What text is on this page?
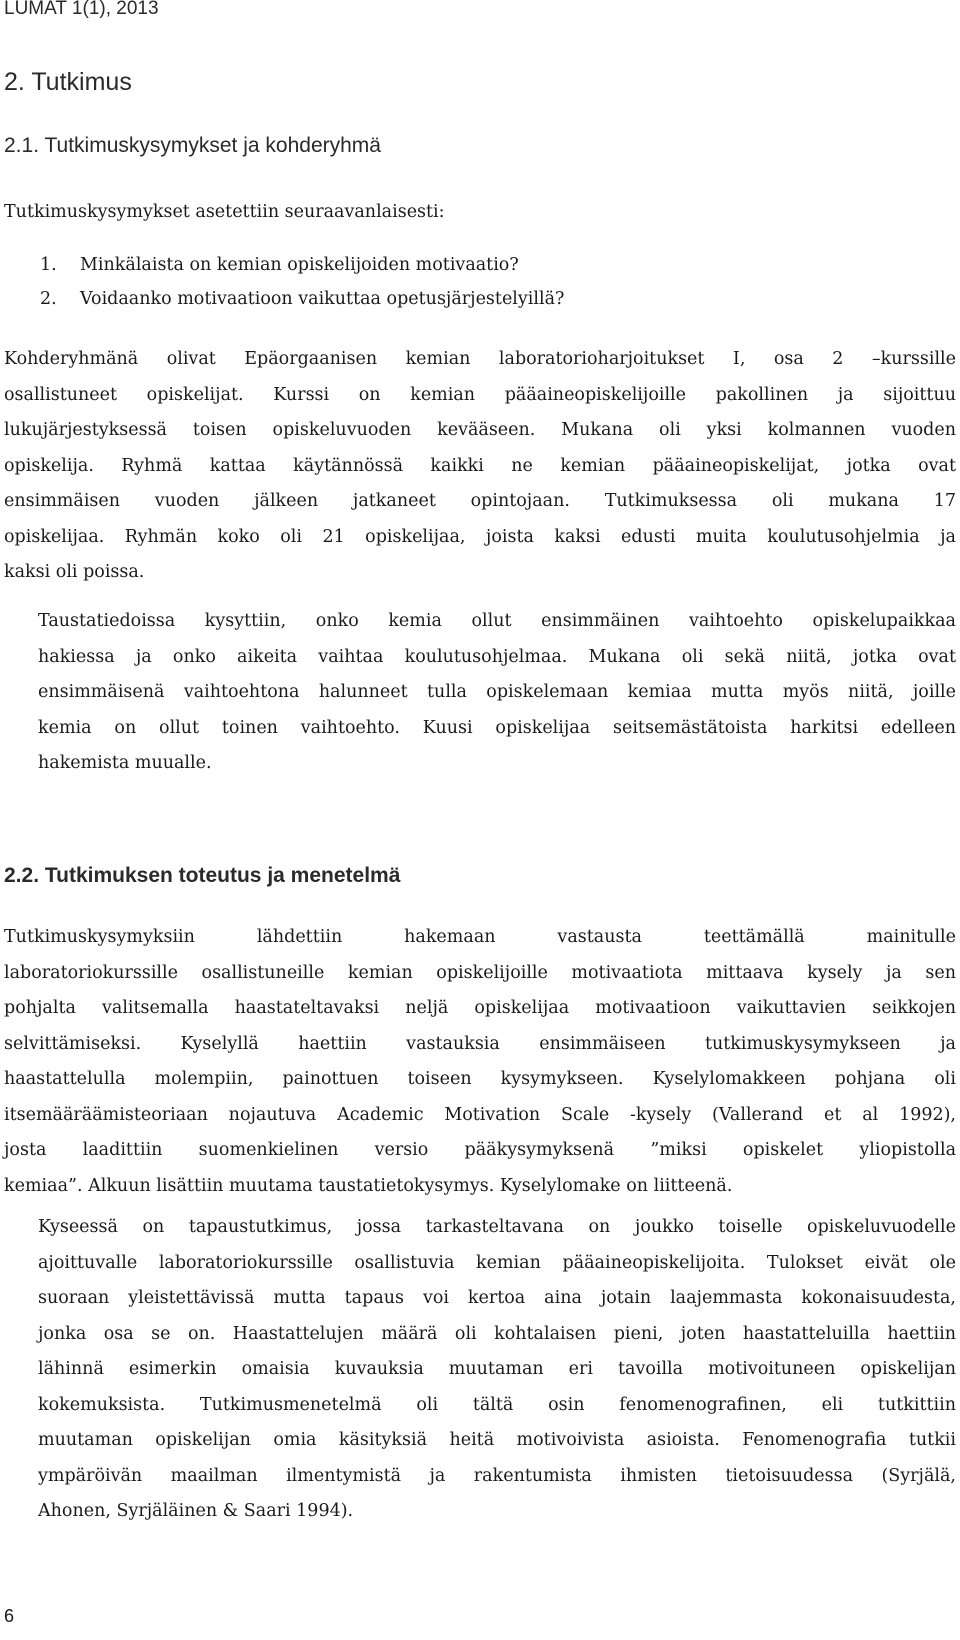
LUMAT 1(1), 2013
2. Tutkimus
2.1. Tutkimuskysymykset ja kohderyhmä

Tutkimuskysymykset asetettiin seuraavanlaisesti:

1.	Minkälaista on kemian opiskelijoiden motivaatio?
2.	Voidaanko motivaatioon vaikuttaa opetusjärjestelyillä?
Kohderyhmänä olivat Epäorgaanisen kemian laboratorioharjoitukset I, osa 2 –kurssille
osallistuneet opiskelijat. Kurssi on kemian pääaineopiskelijoille pakollinen ja sijoittuu
lukujärjestyksessä toisen opiskeluvuoden kevääseen. Mukana oli yksi kolmannen vuoden
opiskelija. Ryhmä kattaa käytännössä kaikki ne kemian pääaineopiskelijat, jotka ovat
ensimmäisen vuoden jälkeen jatkaneet opintojaan. Tutkimuksessa oli mukana 17
opiskelijaa. Ryhmän koko oli 21 opiskelijaa, joista kaksi edusti muita koulutusohjelmia ja
kaksi oli poissa.
Taustatiedoissa kysyttiin, onko kemia ollut ensimmäinen vaihtoehto opiskelupaikkaa
hakiessa ja onko aikeita vaihtaa koulutusohjelmaa. Mukana oli sekä niitä, jotka ovat
ensimmäisenä vaihtoehtona halunneet tulla opiskelemaan kemiaa mutta myös niitä, joille
kemia on ollut toinen vaihtoehto. Kuusi opiskelijaa seitsemästätoista harkitsi edelleen
hakemista muualle.
2.2. Tutkimuksen toteutus ja menetelmä
Tutkimuskysymyksiin lähdettiin hakemaan vastausta teettämällä mainitulle
laboratoriokurssille osallistuneille kemian opiskelijoille motivaatiota mittaava kysely ja sen
pohjalta valitsemalla haastateltavaksi neljä opiskelijaa motivaatioon vaikuttavien seikkojen
selvittämiseksi. Kyselyllä haettiin vastauksia ensimmäiseen tutkimuskysymykseen ja
haastattelulla molempiin, painottuen toiseen kysymykseen. Kyselylomakkeen pohjana oli
itsemääräämisteoriaan nojautuva Academic Motivation Scale -kysely (Vallerand et al 1992),
josta laadittiin suomenkielinen versio pääkysymyksenä ”miksi opiskelet yliopistolla
kemiaa”. Alkuun lisättiin muutama taustatietokysymys. Kyselylomake on liitteenä.
Kyseessä on tapaustutkimus, jossa tarkasteltavana on joukko toiselle opiskeluvuodelle
ajoittuvalle laboratoriokurssille osallistuvia kemian pääaineopiskelijoita. Tulokset eivät ole
suoraan yleistettävissä mutta tapaus voi kertoa aina jotain laajemmasta kokonaisuudesta,
jonka osa se on. Haastattelujen määrä oli kohtalaisen pieni, joten haastatteluilla haettiin
lähinnä esimerkin omaisia kuvauksia muutaman eri tavoilla motivoituneen opiskelijan
kokemuksista. Tutkimusmenetelmä oli tältä osin fenomenografinen, eli tutkittiin
muutaman opiskelijan omia käsityksiä heitä motivoivista asioista. Fenomenografia tutkii
ympäröivän maailman ilmentymistä ja rakentumista ihmisten tietoisuudessa (Syrjälä,
Ahonen, Syrjäläinen & Saari 1994).
6
